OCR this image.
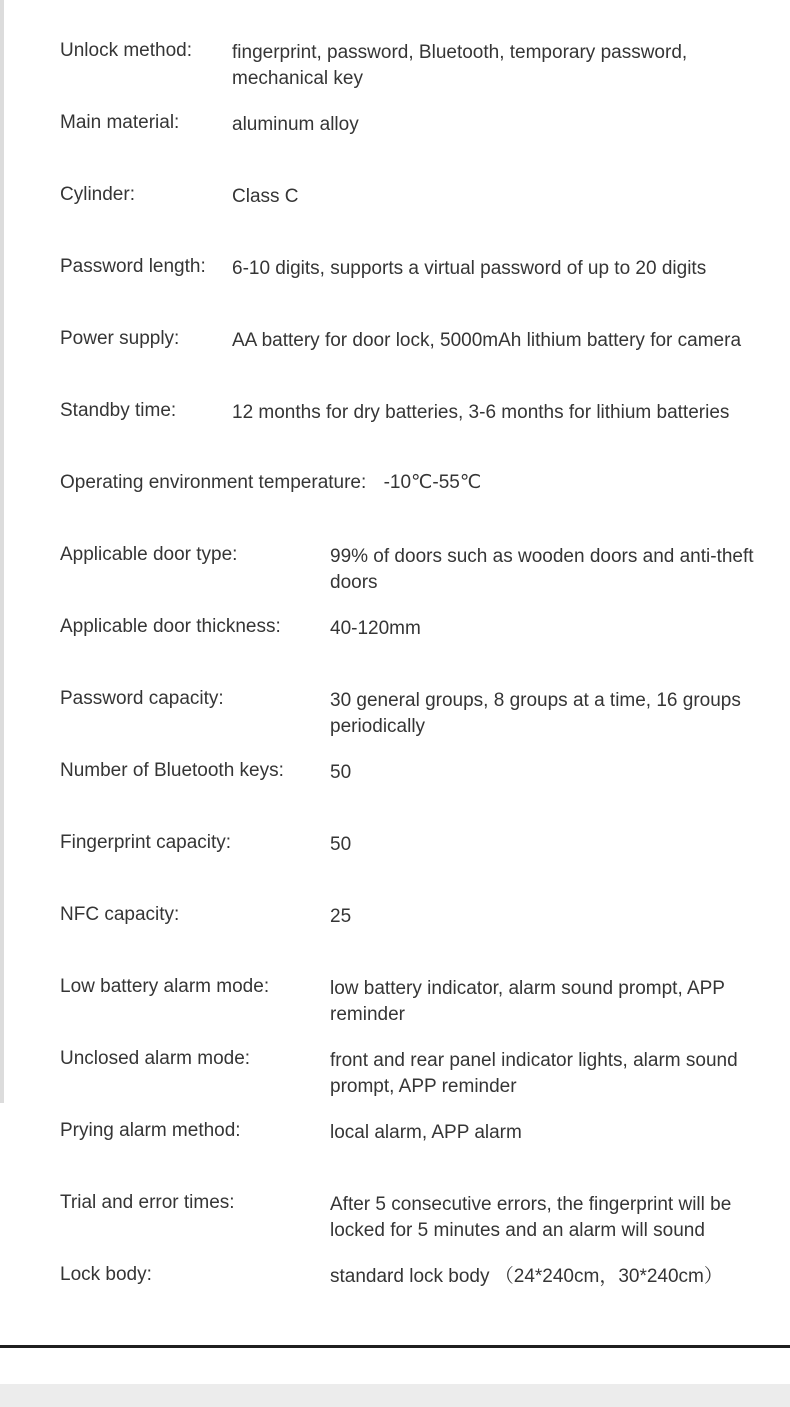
Unlock method:	fingerprint, password, Bluetooth, temporary password, mechanical key
Main material:	aluminum alloy
Cylinder:	Class C
Password length:	6-10 digits, supports a virtual password of up to 20 digits
Power supply:	AA battery for door lock, 5000mAh lithium battery for camera
Standby time:	12 months for dry batteries, 3-6 months for lithium batteries
Operating environment temperature: -10℃-55℃
Applicable door type:	99% of doors such as wooden doors and anti-theft doors
Applicable door thickness:	40-120mm
Password capacity:	30 general groups, 8 groups at a time, 16 groups periodically
Number of Bluetooth keys:	50
Fingerprint capacity:	50
NFC capacity:	25
Low battery alarm mode:	low battery indicator, alarm sound prompt, APP reminder
Unclosed alarm mode:	front and rear panel indicator lights, alarm sound prompt, APP reminder
Prying alarm method:	local alarm, APP alarm
Trial and error times:	After 5 consecutive errors, the fingerprint will be locked for 5 minutes and an alarm will sound
Lock body:	standard lock body （24*240cm，30*240cm）
